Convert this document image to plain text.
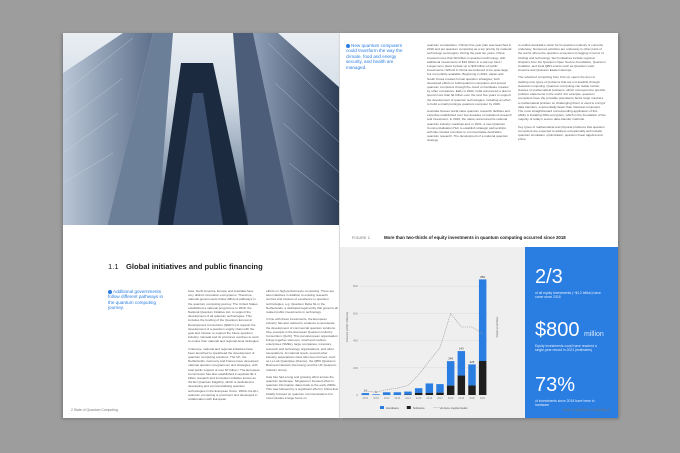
1.1 Global initiatives and public financing
Additional governments follow different pathways in the quantum computing journey.

Asia, North America, Europe and Australia have very distinct innovation ecosystems. Therefore, national governments follow different pathways in the quantum computing journey. The United States established a national programme in 2018, the National Quantum Initiative Act, to support the development of all quantum technologies. This includes the funding of the Quantum Economic Development Consortium (QED-C) to support the development of a quantum supply chain with the goal and mission to support the future quantum industry. Canada and its provinces continue to work to evolve their national and regional-level strategies.

In Europe, national and regional initiatives have been launched to spearhead the development of quantum computing solutions. The UK, the Netherlands, Germany and France have developed national quantum programmes and strategies, with total public support of over $7 billion.¹ The European Commission has also established a separate $1.1 billion research and innovation initiative known as the EU Quantum Flagship, which is dedicated to developing and commercialising quantum technologies in the European Union. Within the EU, quantum computing is prominent and developed in collaboration with European

efforts on high-performance computing. There are also initiatives in addition to existing research centres and clusters of excellence in quantum technologies, e.g. Quantum Delta NL in the Netherlands, a dedicated legal entity that governs all related public investments in technology.

In line with these investments, the European industry has also started to coalesce to accelerate the development of commercial quantum solutions. One example is the European Quantum Industry Consortium (QuIC). This pan-European organisation brings together start-ups, small and medium enterprises (SMEs), large companies, investors, research and technology organisations, and other associations. At national levels, several other industry associations have also been formed, such as Le Lab Quantique (France), the QBN (Quantum Business Network (Germany) and the UK Quantum Industry Group.

Asia has had a long and growing effort across the quantum landscape. Singapore's focused effort in quantum information dates back to the early 2000s. This was followed by a significant effort in China that initially focused on quantum communications but now includes a large focus on

2 State of Quantum Computing
New quantum computers could transform the way the climate, food and energy security, and health are managed.

quantum computation. China's five-year plan was launched in 2016 and put quantum computing as a top priority for national technology sovereignty. During the past ten years, China invested more than $4 billion in quantum technology, with additional investments of $10 billion in a start-up fund.² Longer-term plans include up to $15 billion of public investments.³ Efforts in China are believed to be quite large, but not publicly available. Beginning in 2010, Japan and South Korea created formal quantum strategies; both developed efforts to build quantum computers and access quantum computers through the cloud on hardware created by other companies. Early in 2022, India announced a plan to spend more than $1 billion over the next five years to support the development of quantum technologies, including an effort to build a small prototype quantum computer by 2026.

Australia houses world-class quantum research facilities and expertise established over two decades of sustained research and investment. In 2023, the nation announced its national quantum industry roadmap and, in 2021, a new Quantum Commercialisation Hub to establish strategic partnerships with like-minded countries to commercialise Australia's quantum research. The development of a national quantum strategy

to outline Australia's vision for its quantum industry is currently underway. Numerous activities are underway in other parts of the world, where the quantum ecosystem is lagging in terms of funding and technology. Such initiatives include regional chapters from the Quantum Open Source Foundation, Quantum Coalition, and local QBN events such as Quantum Latin America and Quantum Eastern Europe.

The rebuild of computing from 'bits up' opens the door to tackling new types of problems that are not feasible through classical computing. Quantum computing can tackle certain classes of mathematical problems, which correspond to specific problem statements in the world. For example, quantum computers have the provable potential to factor large numbers, a mathematical problem so challenging that it is used to encrypt data transfers, exponentially faster than classical computers. The most straightforward corresponding application of this ability is breaking RSA encryption, which is the foundation of the majority of today's secure data-transfer methods.

Key types of mathematical and physical problems that quantum computers are expected to address exceptionally well include quantum simulation, optimization, quantum linear algebra and prime

FIGURE 2	More than two-thirds of equity investments in quantum computing occurred since 2018
0
200
400
600
800
Amount (USD millions)	Deals (number)
2001
14
2002
5
2012 2013 2014 2015 2016 2017 2018
249
2019
143
2020
225
2021
850
Hardware	Software	Venture capital deals
2/3
of all equity investments (~$4.2 billion) have come since 2018
$800 million
Equity investments could have reached a single-year record in 2021 (estimates)
73%
of investments since 2018 have been in hardware
State of Quantum Computing 3
